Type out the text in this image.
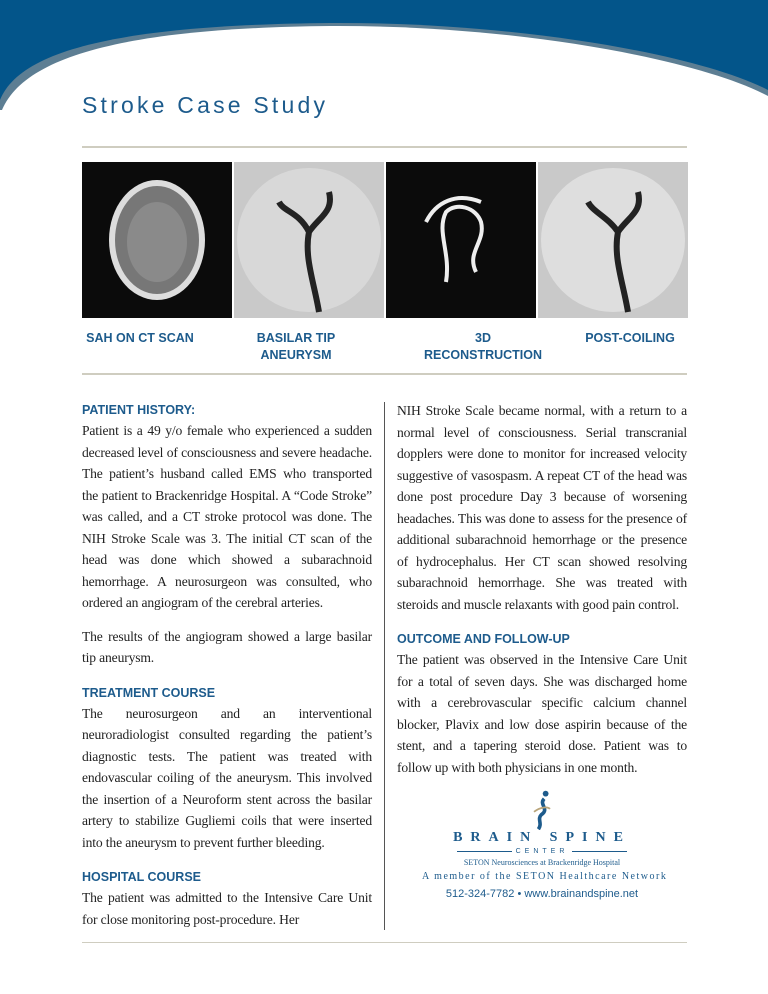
Stroke Case Study
SAH ON CT SCAN	BASILAR TIP ANEURYSM
3D RECONSTRUCTION
POST-COILING
PATIENT HISTORY:

Patient is a 49 y/o female who experienced a sudden decreased level of consciousness and severe headache. The patient’s husband called EMS who transported the patient to Brackenridge Hospital. A “Code Stroke” was called, and a CT stroke protocol was done. The NIH Stroke Scale was 3. The initial CT scan of the head was done which showed a subarachnoid hemorrhage. A neurosurgeon was consulted, who ordered an angiogram of the cerebral arteries.

The results of the angiogram showed a large basilar tip aneurysm.

TREATMENT COURSE

The neurosurgeon and an interventional neuroradiologist consulted regarding the patient’s diagnostic tests. The patient was treated with endovascular coiling of the aneurysm. This involved the insertion of a Neuroform stent across the basilar artery to stabilize Gugliemi coils that were inserted into the aneurysm to prevent further bleeding.

HOSPITAL COURSE

The patient was admitted to the Intensive Care Unit for close monitoring post-procedure. Her

NIH Stroke Scale became normal, with a return to a normal level of consciousness. Serial transcranial dopplers were done to monitor for increased velocity suggestive of vasospasm. A repeat CT of the head was done post procedure Day 3 because of worsening headaches. This was done to assess for the presence of additional subarachnoid hemorrhage or the presence of hydrocephalus. Her CT scan showed resolving subarachnoid hemorrhage. She was treated with steroids and muscle relaxants with good pain control.

OUTCOME AND FOLLOW-UP

The patient was observed in the Intensive Care Unit for a total of seven days. She was discharged home with a cerebrovascular specific calcium channel blocker, Plavix and low dose aspirin because of the stent, and a tapering steroid dose. Patient was to follow up with both physicians in one month.

BRAIN SPINE
CENTER
SETON Neurosciences at Brackenridge Hospital
A member of the SETON Healthcare Network
512-324-7782 • www.brainandspine.net
